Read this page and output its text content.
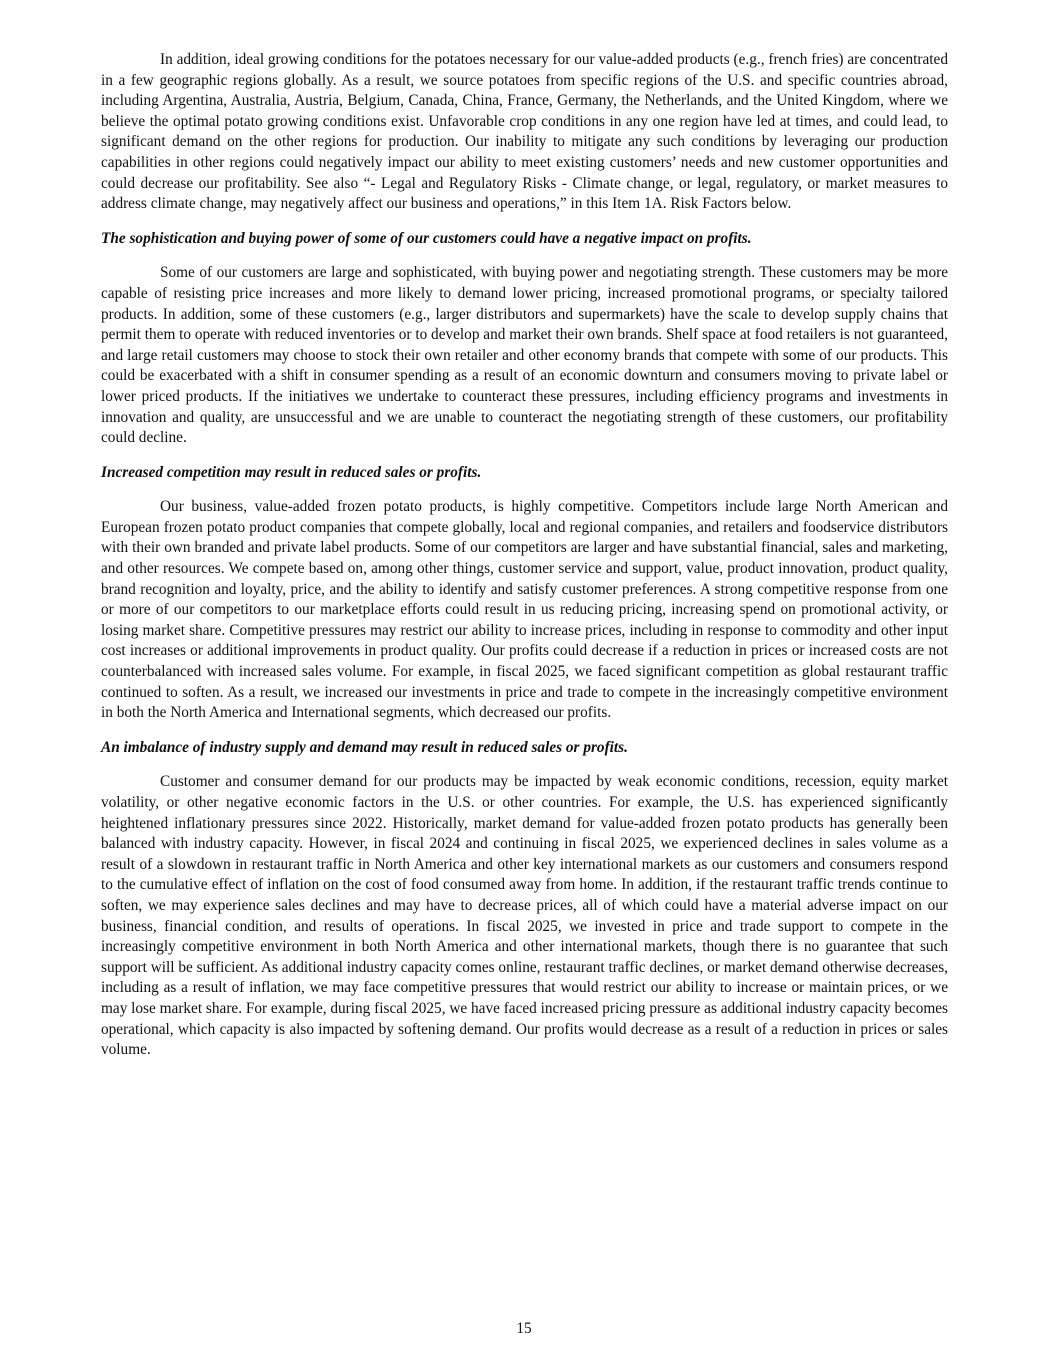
In addition, ideal growing conditions for the potatoes necessary for our value-added products (e.g., french fries) are concentrated in a few geographic regions globally. As a result, we source potatoes from specific regions of the U.S. and specific countries abroad, including Argentina, Australia, Austria, Belgium, Canada, China, France, Germany, the Netherlands, and the United Kingdom, where we believe the optimal potato growing conditions exist. Unfavorable crop conditions in any one region have led at times, and could lead, to significant demand on the other regions for production. Our inability to mitigate any such conditions by leveraging our production capabilities in other regions could negatively impact our ability to meet existing customers’ needs and new customer opportunities and could decrease our profitability. See also “- Legal and Regulatory Risks - Climate change, or legal, regulatory, or market measures to address climate change, may negatively affect our business and operations,” in this Item 1A. Risk Factors below.

The sophistication and buying power of some of our customers could have a negative impact on profits.

Some of our customers are large and sophisticated, with buying power and negotiating strength. These customers may be more capable of resisting price increases and more likely to demand lower pricing, increased promotional programs, or specialty tailored products. In addition, some of these customers (e.g., larger distributors and supermarkets) have the scale to develop supply chains that permit them to operate with reduced inventories or to develop and market their own brands. Shelf space at food retailers is not guaranteed, and large retail customers may choose to stock their own retailer and other economy brands that compete with some of our products. This could be exacerbated with a shift in consumer spending as a result of an economic downturn and consumers moving to private label or lower priced products. If the initiatives we undertake to counteract these pressures, including efficiency programs and investments in innovation and quality, are unsuccessful and we are unable to counteract the negotiating strength of these customers, our profitability could decline.

Increased competition may result in reduced sales or profits.

Our business, value-added frozen potato products, is highly competitive. Competitors include large North American and European frozen potato product companies that compete globally, local and regional companies, and retailers and foodservice distributors with their own branded and private label products. Some of our competitors are larger and have substantial financial, sales and marketing, and other resources. We compete based on, among other things, customer service and support, value, product innovation, product quality, brand recognition and loyalty, price, and the ability to identify and satisfy customer preferences. A strong competitive response from one or more of our competitors to our marketplace efforts could result in us reducing pricing, increasing spend on promotional activity, or losing market share. Competitive pressures may restrict our ability to increase prices, including in response to commodity and other input cost increases or additional improvements in product quality. Our profits could decrease if a reduction in prices or increased costs are not counterbalanced with increased sales volume. For example, in fiscal 2025, we faced significant competition as global restaurant traffic continued to soften. As a result, we increased our investments in price and trade to compete in the increasingly competitive environment in both the North America and International segments, which decreased our profits.

An imbalance of industry supply and demand may result in reduced sales or profits.

Customer and consumer demand for our products may be impacted by weak economic conditions, recession, equity market volatility, or other negative economic factors in the U.S. or other countries. For example, the U.S. has experienced significantly heightened inflationary pressures since 2022. Historically, market demand for value-added frozen potato products has generally been balanced with industry capacity. However, in fiscal 2024 and continuing in fiscal 2025, we experienced declines in sales volume as a result of a slowdown in restaurant traffic in North America and other key international markets as our customers and consumers respond to the cumulative effect of inflation on the cost of food consumed away from home. In addition, if the restaurant traffic trends continue to soften, we may experience sales declines and may have to decrease prices, all of which could have a material adverse impact on our business, financial condition, and results of operations. In fiscal 2025, we invested in price and trade support to compete in the increasingly competitive environment in both North America and other international markets, though there is no guarantee that such support will be sufficient. As additional industry capacity comes online, restaurant traffic declines, or market demand otherwise decreases, including as a result of inflation, we may face competitive pressures that would restrict our ability to increase or maintain prices, or we may lose market share. For example, during fiscal 2025, we have faced increased pricing pressure as additional industry capacity becomes operational, which capacity is also impacted by softening demand. Our profits would decrease as a result of a reduction in prices or sales volume.

15
